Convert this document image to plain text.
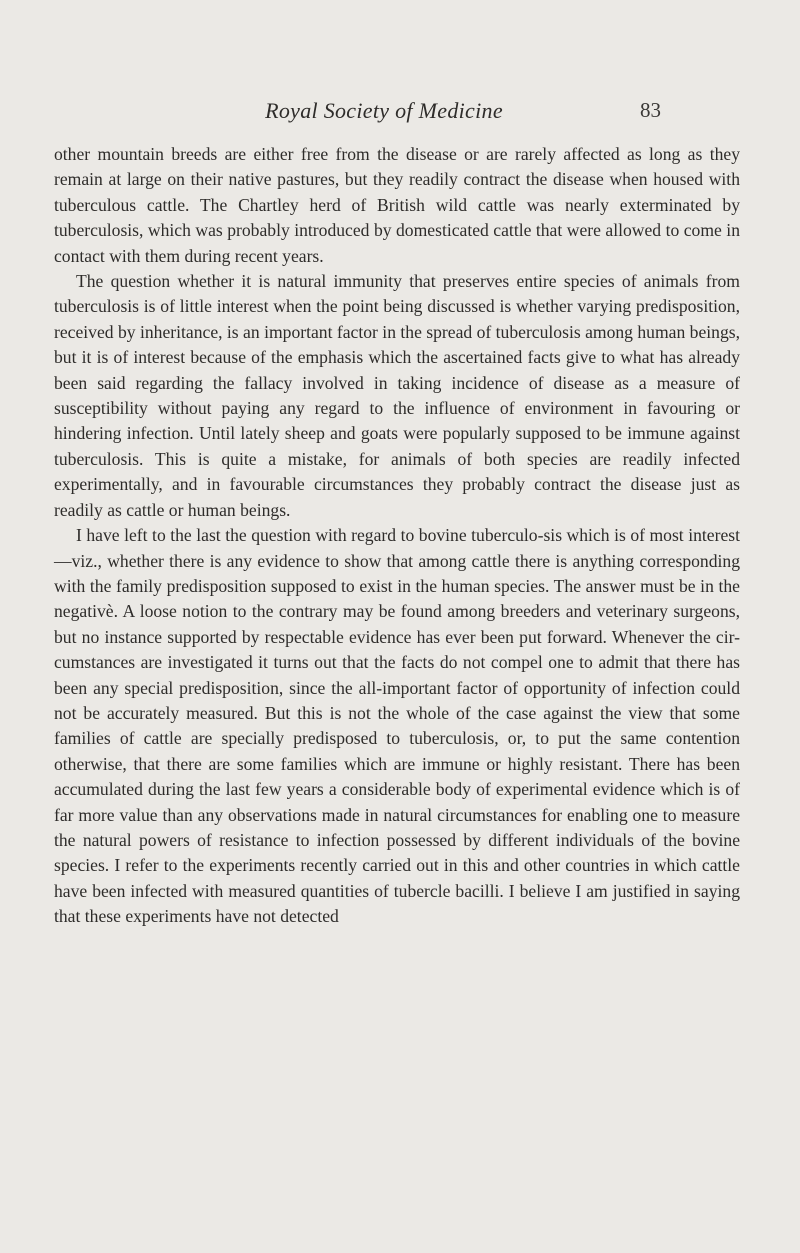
Royal Society of Medicine	83

other mountain breeds are either free from the disease or are rarely affected as long as they remain at large on their native pastures, but they readily contract the disease when housed with tuberculous cattle. The Chartley herd of British wild cattle was nearly exterminated by tuberculosis, which was probably introduced by domesticated cattle that were allowed to come in contact with them during recent years.

The question whether it is natural immunity that preserves entire species of animals from tuberculosis is of little interest when the point being discussed is whether varying predisposition, received by inheritance, is an important factor in the spread of tuberculosis among human beings, but it is of interest because of the emphasis which the ascertained facts give to what has already been said regarding the fallacy involved in taking incidence of disease as a measure of susceptibility without paying any regard to the influence of environment in favouring or hindering infection. Until lately sheep and goats were popularly supposed to be immune against tuberculosis. This is quite a mistake, for animals of both species are readily infected experimentally, and in favourable circumstances they probably contract the disease just as readily as cattle or human beings.

I have left to the last the question with regard to bovine tuberculo-sis which is of most interest—viz., whether there is any evidence to show that among cattle there is anything corresponding with the family predisposition supposed to exist in the human species. The answer must be in the negativè. A loose notion to the contrary may be found among breeders and veterinary surgeons, but no instance supported by respectable evidence has ever been put forward. Whenever the cir-cumstances are investigated it turns out that the facts do not compel one to admit that there has been any special predisposition, since the all-important factor of opportunity of infection could not be accurately measured. But this is not the whole of the case against the view that some families of cattle are specially predisposed to tuberculosis, or, to put the same contention otherwise, that there are some families which are immune or highly resistant. There has been accumulated during the last few years a considerable body of experimental evidence which is of far more value than any observations made in natural circumstances for enabling one to measure the natural powers of resistance to infection possessed by different individuals of the bovine species. I refer to the experiments recently carried out in this and other countries in which cattle have been infected with measured quantities of tubercle bacilli. I believe I am justified in saying that these experiments have not detected
